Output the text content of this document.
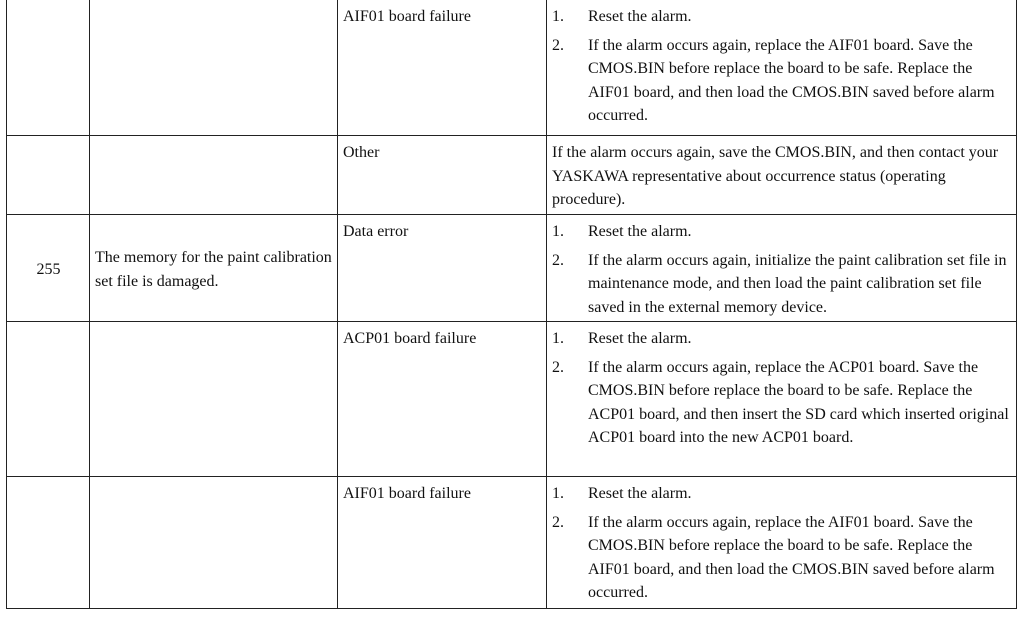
		AIF01 board failure	1. Reset the alarm.
2. If the alarm occurs again, replace the AIF01 board. Save the CMOS.BIN before replace the board to be safe. Replace the AIF01 board, and then load the CMOS.BIN saved before alarm occurred.

		Other	If the alarm occurs again, save the CMOS.BIN, and then contact your YASKAWA representative about occurrence status (operating procedure).

255	The memory for the paint calibration set file is damaged.	Data error	1. Reset the alarm.
2. If the alarm occurs again, initialize the paint calibration set file in maintenance mode, and then load the paint calibration set file saved in the external memory device.

		ACP01 board failure	1. Reset the alarm.
2. If the alarm occurs again, replace the ACP01 board. Save the CMOS.BIN before replace the board to be safe. Replace the ACP01 board, and then insert the SD card which inserted original ACP01 board into the new ACP01 board.

		AIF01 board failure	1. Reset the alarm.
2. If the alarm occurs again, replace the AIF01 board. Save the CMOS.BIN before replace the board to be safe. Replace the AIF01 board, and then load the CMOS.BIN saved before alarm occurred.
